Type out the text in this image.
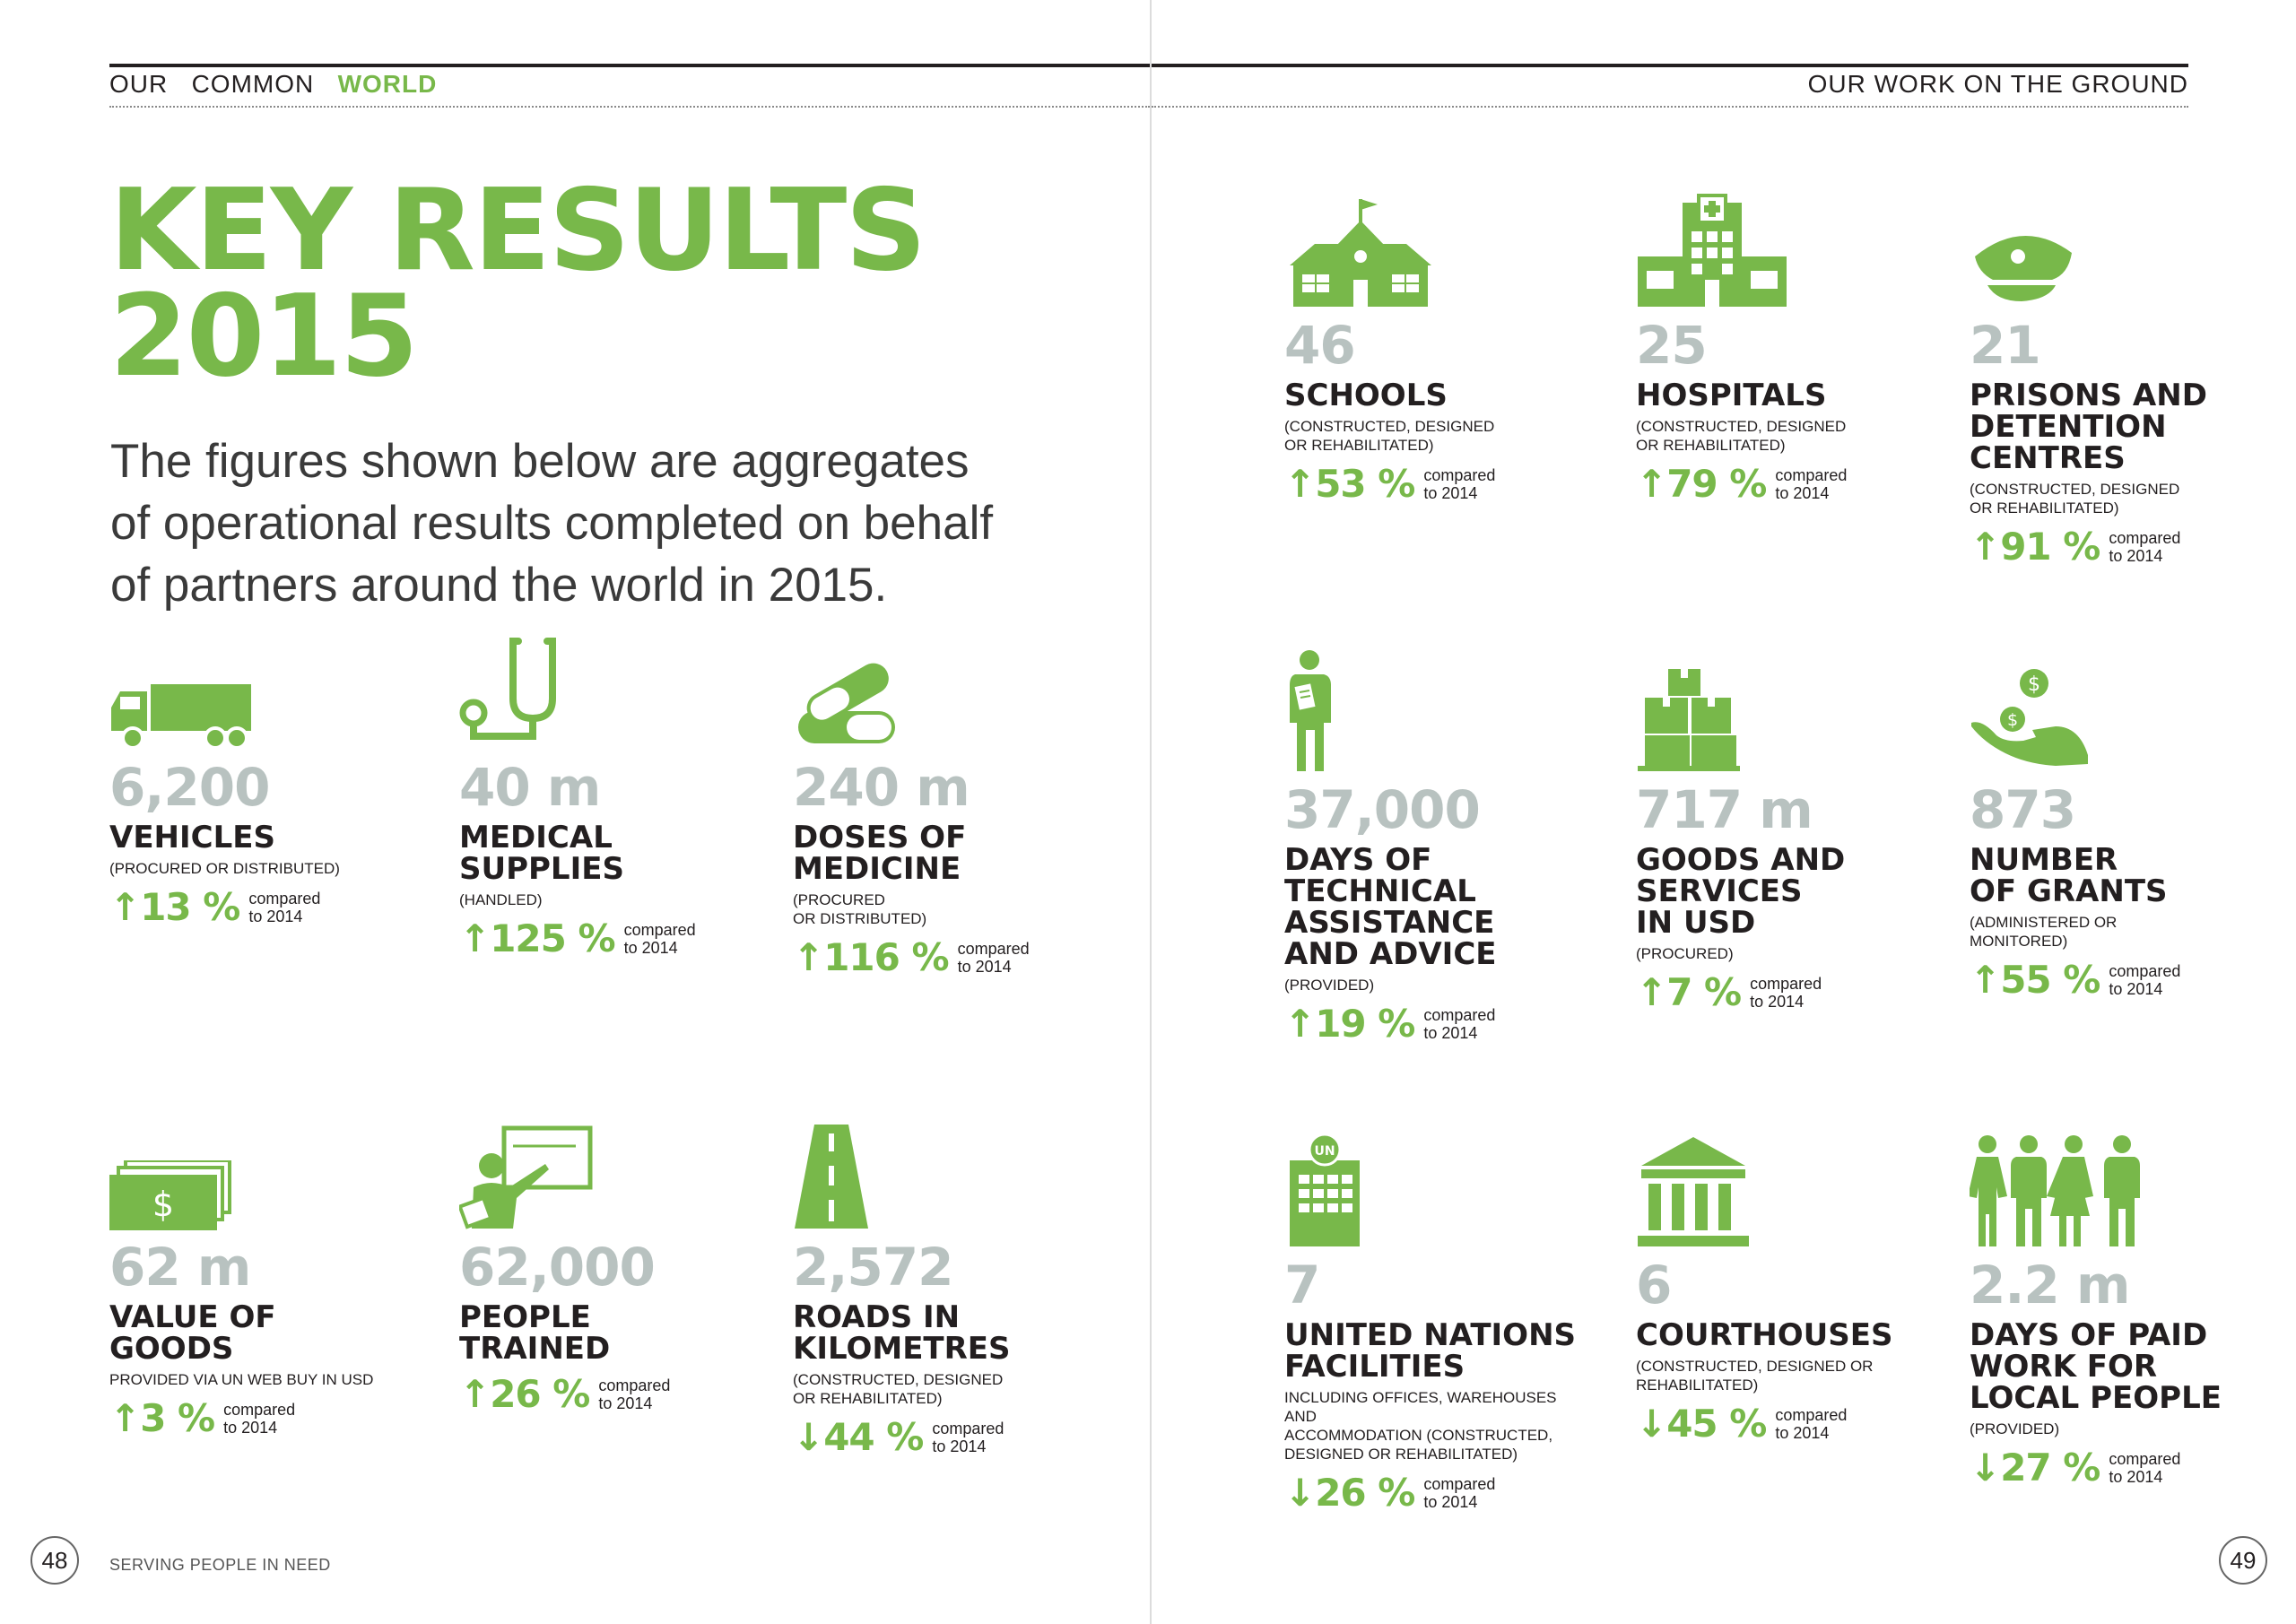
OUR COMMON WORLD	OUR WORK ON THE GROUND
KEY RESULTS
2015
The figures shown below are aggregates
of operational results completed on behalf
of partners around the world in 2015.
6,200
VEHICLES
(PROCURED OR DISTRIBUTED)
↑13 % compared
to 2014
40 m
MEDICAL
SUPPLIES
(HANDLED)
↑125 % compared
to 2014
240 m
DOSES OF
MEDICINE
(PROCURED
OR DISTRIBUTED)
↑116 % compared
to 2014
$
62 m
VALUE OF
GOODS
PROVIDED VIA UN WEB BUY IN USD
↑3 % compared
to 2014
62,000
PEOPLE
TRAINED
↑26 % compared
to 2014
2,572
ROADS IN
KILOMETRES
(CONSTRUCTED, DESIGNED
OR REHABILITATED)
↓44 % compared
to 2014
46
SCHOOLS
(CONSTRUCTED, DESIGNED
OR REHABILITATED)
↑53 % compared
to 2014
25
HOSPITALS
(CONSTRUCTED, DESIGNED
OR REHABILITATED)
↑79 % compared
to 2014
21
PRISONS AND
DETENTION
CENTRES
(CONSTRUCTED, DESIGNED
OR REHABILITATED)
↑91 % compared
to 2014
37,000
DAYS OF
TECHNICAL
ASSISTANCE
AND ADVICE
(PROVIDED)
↑19 % compared
to 2014
717 m
GOODS AND
SERVICES
IN USD
(PROCURED)
↑7 % compared
to 2014
$
$
873
NUMBER
OF GRANTS
(ADMINISTERED OR
MONITORED)
↑55 % compared
to 2014
UN
7
UNITED NATIONS
FACILITIES
INCLUDING OFFICES, WAREHOUSES AND
ACCOMMODATION (CONSTRUCTED,
DESIGNED OR REHABILITATED)
↓26 % compared
to 2014
6
COURTHOUSES
(CONSTRUCTED, DESIGNED OR
REHABILITATED)
↓45 % compared
to 2014
2.2 m
DAYS OF PAID
WORK FOR
LOCAL PEOPLE
(PROVIDED)
↓27 % compared
to 2014
48	SERVING PEOPLE IN NEED	49
